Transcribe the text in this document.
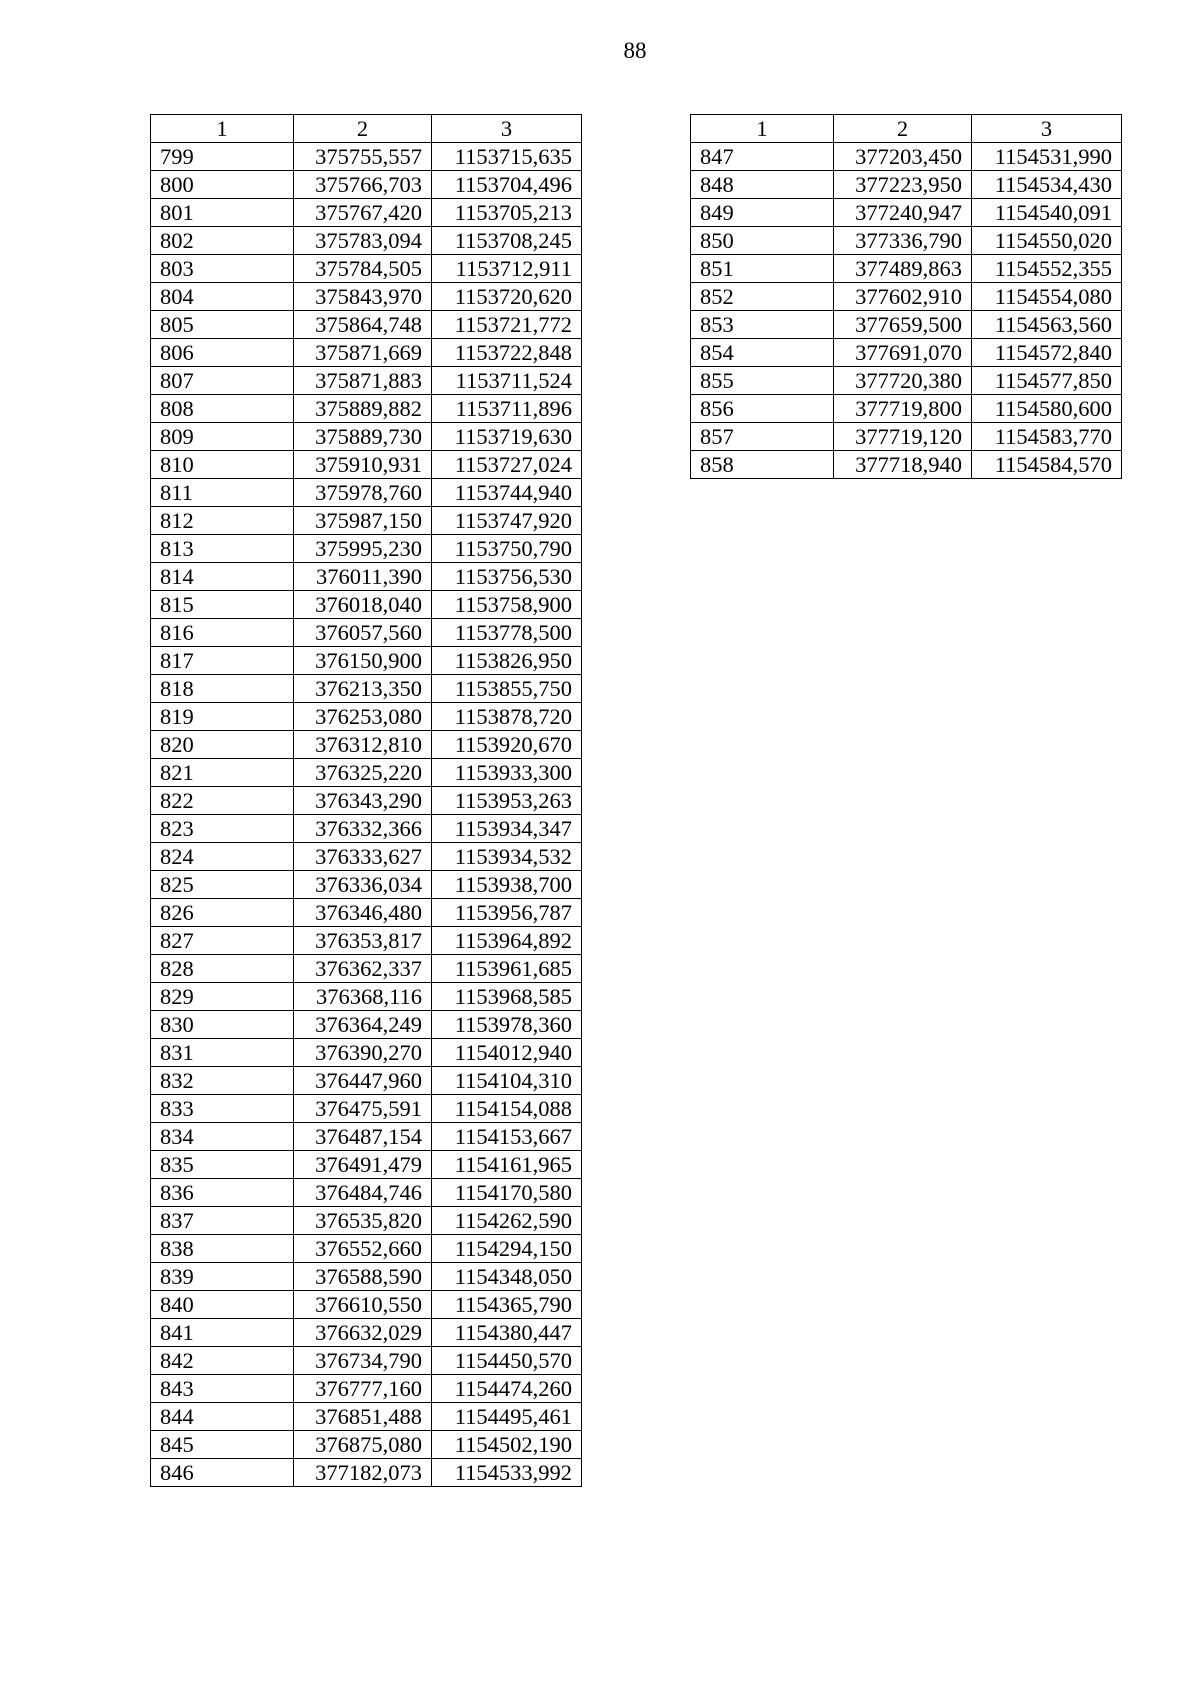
88
1	2	3
799	375755,557	1153715,635
800	375766,703	1153704,496
801	375767,420	1153705,213
802	375783,094	1153708,245
803	375784,505	1153712,911
804	375843,970	1153720,620
805	375864,748	1153721,772
806	375871,669	1153722,848
807	375871,883	1153711,524
808	375889,882	1153711,896
809	375889,730	1153719,630
810	375910,931	1153727,024
811	375978,760	1153744,940
812	375987,150	1153747,920
813	375995,230	1153750,790
814	376011,390	1153756,530
815	376018,040	1153758,900
816	376057,560	1153778,500
817	376150,900	1153826,950
818	376213,350	1153855,750
819	376253,080	1153878,720
820	376312,810	1153920,670
821	376325,220	1153933,300
822	376343,290	1153953,263
823	376332,366	1153934,347
824	376333,627	1153934,532
825	376336,034	1153938,700
826	376346,480	1153956,787
827	376353,817	1153964,892
828	376362,337	1153961,685
829	376368,116	1153968,585
830	376364,249	1153978,360
831	376390,270	1154012,940
832	376447,960	1154104,310
833	376475,591	1154154,088
834	376487,154	1154153,667
835	376491,479	1154161,965
836	376484,746	1154170,580
837	376535,820	1154262,590
838	376552,660	1154294,150
839	376588,590	1154348,050
840	376610,550	1154365,790
841	376632,029	1154380,447
842	376734,790	1154450,570
843	376777,160	1154474,260
844	376851,488	1154495,461
845	376875,080	1154502,190
846	377182,073	1154533,992
1	2	3
847	377203,450	1154531,990
848	377223,950	1154534,430
849	377240,947	1154540,091
850	377336,790	1154550,020
851	377489,863	1154552,355
852	377602,910	1154554,080
853	377659,500	1154563,560
854	377691,070	1154572,840
855	377720,380	1154577,850
856	377719,800	1154580,600
857	377719,120	1154583,770
858	377718,940	1154584,570
